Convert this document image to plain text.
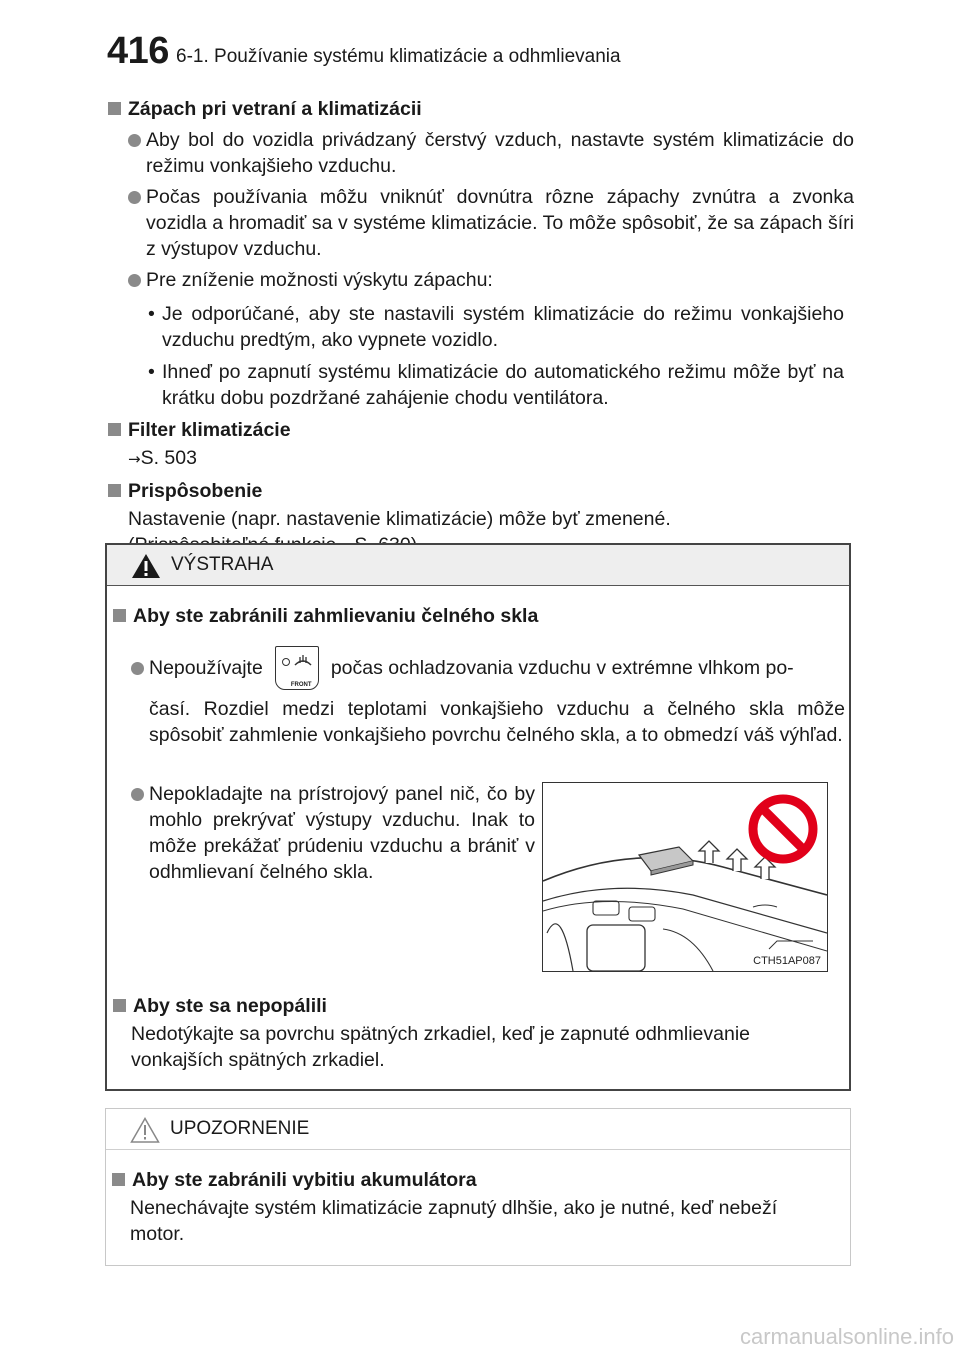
416 6-1. Používanie systému klimatizácie a odhmlievania
Zápach pri vetraní a klimatizácii
Aby bol do vozidla privádzaný čerstvý vzduch, nastavte systém klimatizácie do režimu vonkajšieho vzduchu.
Počas používania môžu vniknúť dovnútra rôzne zápachy zvnútra a zvonka vozidla a hromadiť sa v systéme klimatizácie. To môže spôsobiť, že sa zápach šíri z výstupov vzduchu.
Pre zníženie možnosti výskytu zápachu:
• Je odporúčané, aby ste nastavili systém klimatizácie do režimu vonkajšieho vzduchu predtým, ako vypnete vozidlo.
• Ihneď po zapnutí systému klimatizácie do automatického režimu môže byť na krátku dobu pozdržané zahájenie chodu ventilátora.
Filter klimatizácie
→S. 503
Prispôsobenie
Nastavenie (napr. nastavenie klimatizácie) môže byť zmenené.
VÝSTRAHA
Aby ste zabránili zahmlievaniu čelného skla
Nepoužívajte
FRONT
počas ochladzovania vzduchu v extrémne vlhkom po-
časí. Rozdiel medzi teplotami vonkajšieho vzduchu a čelného skla môže spôsobiť zahmlenie vonkajšieho povrchu čelného skla, a to obmedzí váš výhľad.
Nepokladajte na prístrojový panel nič, čo by mohlo prekrývať výstupy vzduchu. Inak to môže prekážať prúdeniu vzduchu a brániť v odhmlievaní čelného skla.
Aby ste sa nepopálili
Nedotýkajte sa povrchu spätných zrkadiel, keď je zapnuté odhmlievanie vonkajších spätných zrkadiel.
CTH51AP087
UPOZORNENIE
Aby ste zabránili vybitiu akumulátora
Nenechávajte systém klimatizácie zapnutý dlhšie, ako je nutné, keď nebeží motor.
carmanualsonline.info
